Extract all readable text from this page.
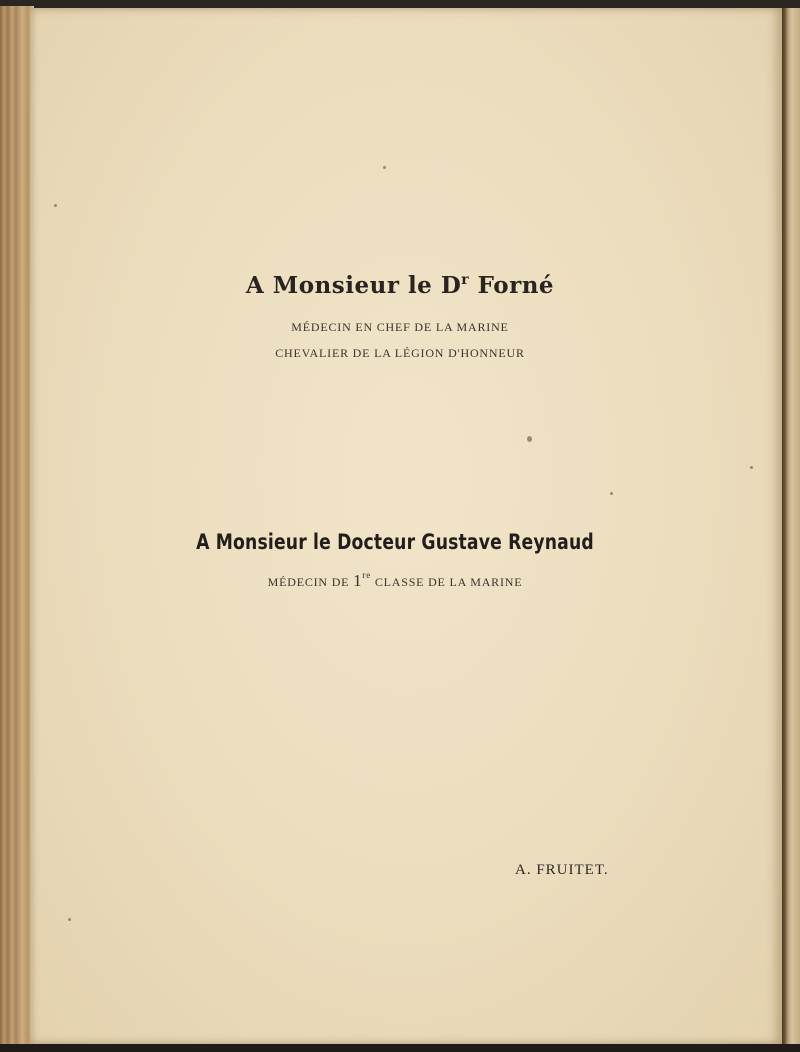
A Monsieur le $D^r$ Forné
MÉDECIN EN CHEF DE LA MARINE
CHEVALIER DE LA LÉGION D'HONNEUR
A Monsieur le Docteur Gustave Reynaud
MÉDECIN DE 1re CLASSE DE LA MARINE
A. FRUITET.
